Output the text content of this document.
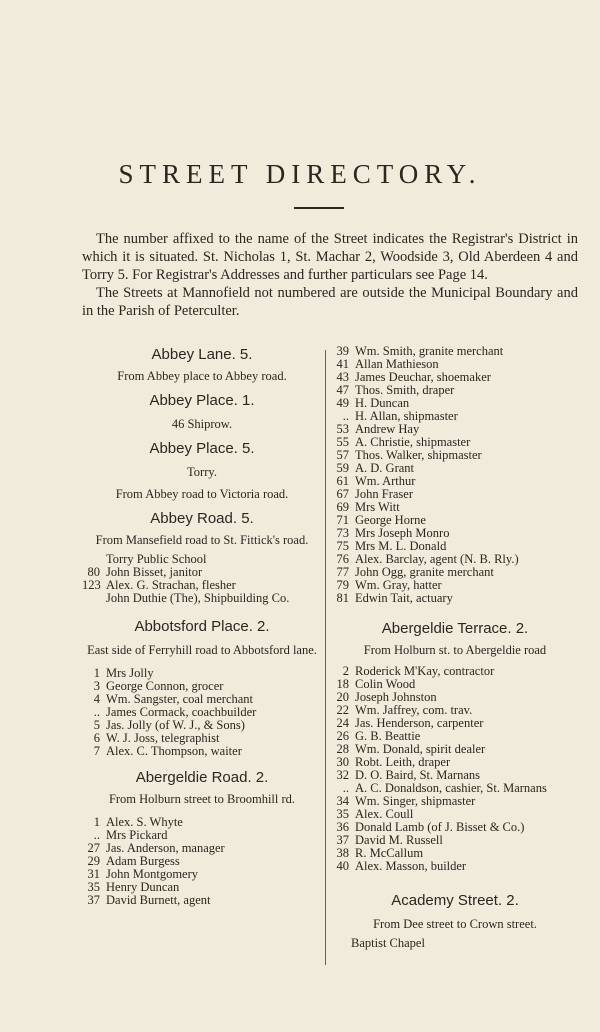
STREET DIRECTORY.

The number affixed to the name of the Street indicates the Registrar's District in which it is situated. St. Nicholas 1, St. Machar 2, Woodside 3, Old Aberdeen 4 and Torry 5. For Registrar's Addresses and further particulars see Page 14.

The Streets at Mannofield not numbered are outside the Municipal Boundary and in the Parish of Peterculter.

Abbey Lane. 5.
From Abbey place to Abbey road.
Abbey Place. 1.
46 Shiprow.
Abbey Place. 5.
Torry.
From Abbey road to Victoria road.
Abbey Road. 5.
From Mansefield road to St. Fittick's road.
Torry Public School
80 John Bisset, janitor
123 Alex. G. Strachan, flesher
John Duthie (The), Shipbuilding Co.
Abbotsford Place. 2.
East side of Ferryhill road to Abbotsford lane.
1 Mrs Jolly
3 George Connon, grocer
4 Wm. Sangster, coal merchant
.. James Cormack, coachbuilder
5 Jas. Jolly (of W. J., & Sons)
6 W. J. Joss, telegraphist
7 Alex. C. Thompson, waiter
Abergeldie Road. 2.
From Holburn street to Broomhill rd.
1 Alex. S. Whyte
.. Mrs Pickard
27 Jas. Anderson, manager
29 Adam Burgess
31 John Montgomery
35 Henry Duncan
37 David Burnett, agent
39 Wm. Smith, granite merchant
41 Allan Mathieson
43 James Deuchar, shoemaker
47 Thos. Smith, draper
49 H. Duncan
.. H. Allan, shipmaster
53 Andrew Hay
55 A. Christie, shipmaster
57 Thos. Walker, shipmaster
59 A. D. Grant
61 Wm. Arthur
67 John Fraser
69 Mrs Witt
71 George Horne
73 Mrs Joseph Monro
75 Mrs M. L. Donald
76 Alex. Barclay, agent (N. B. Rly.)
77 John Ogg, granite merchant
79 Wm. Gray, hatter
81 Edwin Tait, actuary
Abergeldie Terrace. 2.
From Holburn st. to Abergeldie road
2 Roderick M'Kay, contractor
18 Colin Wood
20 Joseph Johnston
22 Wm. Jaffrey, com. trav.
24 Jas. Henderson, carpenter
26 G. B. Beattie
28 Wm. Donald, spirit dealer
30 Robt. Leith, draper
32 D. O. Baird, St. Marnans
.. A. C. Donaldson, cashier, St. Marnans
34 Wm. Singer, shipmaster
35 Alex. Coull
36 Donald Lamb (of J. Bisset & Co.)
37 David M. Russell
38 R. McCallum
40 Alex. Masson, builder
Academy Street. 2.
From Dee street to Crown street.
Baptist Chapel
